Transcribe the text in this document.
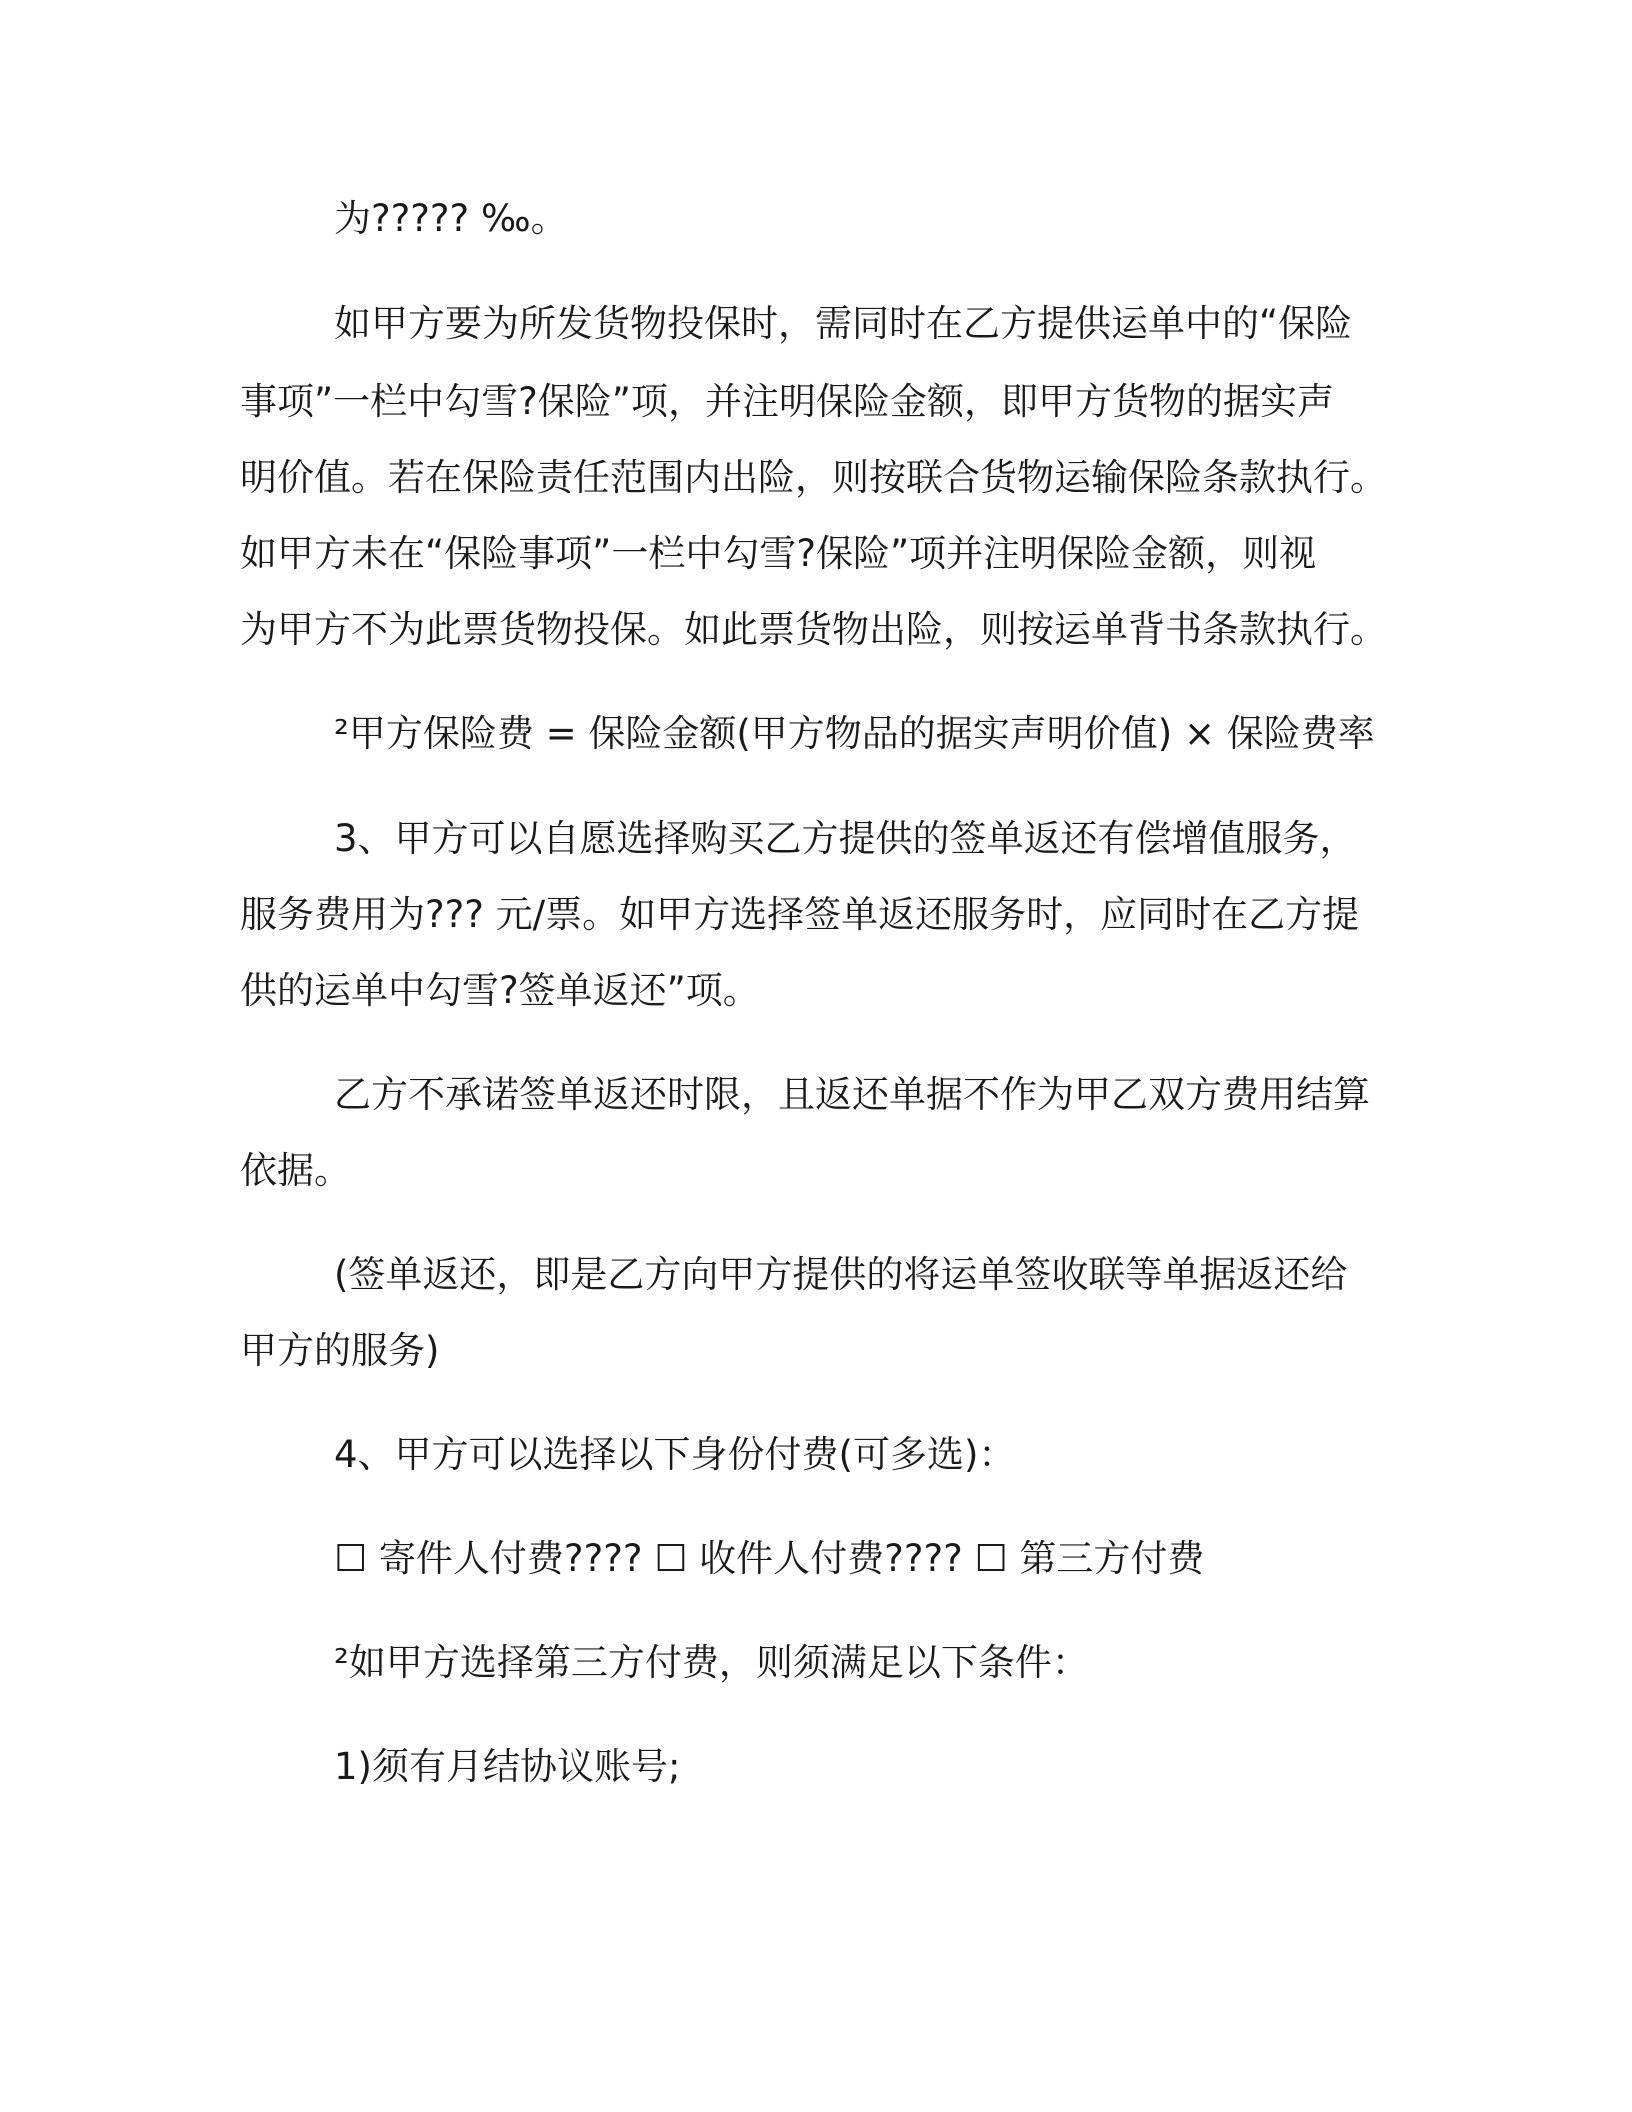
为????? ‰。

如甲方要为所发货物投保时，需同时在乙方提供运单中的“保险

事项”一栏中勾雪?保险”项，并注明保险金额，即甲方货物的据实声

明价值。若在保险责任范围内出险，则按联合货物运输保险条款执行。

如甲方未在“保险事项”一栏中勾雪?保险”项并注明保险金额，则视

为甲方不为此票货物投保。如此票货物出险，则按运单背书条款执行。

²甲方保险费 = 保险金额(甲方物品的据实声明价值) × 保险费率

3、甲方可以自愿选择购买乙方提供的签单返还有偿增值服务，

服务费用为??? 元/票。如甲方选择签单返还服务时，应同时在乙方提

供的运单中勾雪?签单返还”项。

乙方不承诺签单返还时限，且返还单据不作为甲乙双方费用结算

依据。

(签单返还，即是乙方向甲方提供的将运单签收联等单据返还给

甲方的服务)

4、甲方可以选择以下身份付费(可多选)：

☐ 寄件人付费???? ☐ 收件人付费???? ☐ 第三方付费

²如甲方选择第三方付费，则须满足以下条件：

1)须有月结协议账号;
